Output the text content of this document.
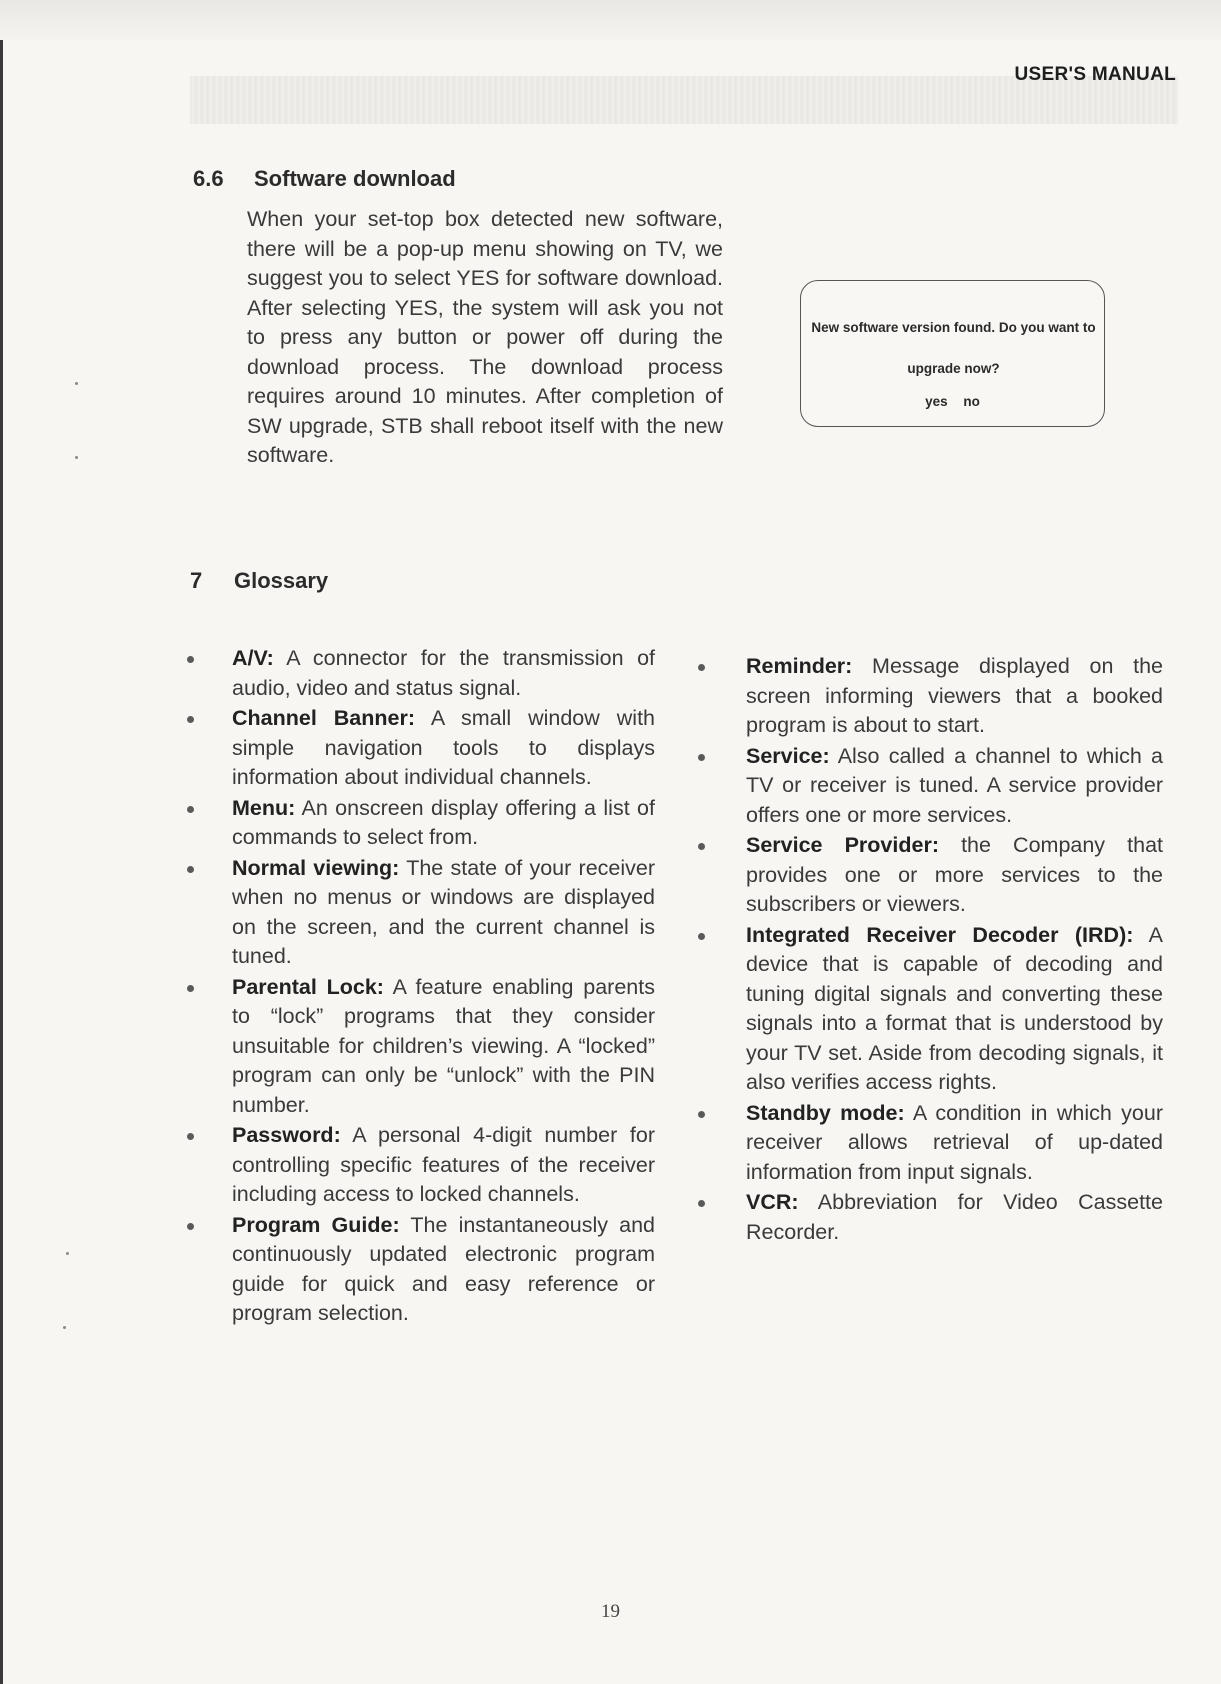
USER'S MANUAL
6.6 Software download

When your set-top box detected new software, there will be a pop-up menu showing on TV, we suggest you to select YES for software download. After selecting YES, the system will ask you not to press any button or power off during the download process. The download process requires around 10 minutes. After completion of SW upgrade, STB shall reboot itself with the new software.

New software version found. Do you want to upgrade now?
yes no
7 Glossary
A/V: A connector for the transmission of audio, video and status signal.
Channel Banner: A small window with simple navigation tools to displays information about individual channels.
Menu: An onscreen display offering a list of commands to select from.
Normal viewing: The state of your receiver when no menus or windows are displayed on the screen, and the current channel is tuned.
Parental Lock: A feature enabling parents to “lock” programs that they consider unsuitable for children’s viewing. A “locked” program can only be “unlock” with the PIN number.
Password: A personal 4-digit number for controlling specific features of the receiver including access to locked channels.
Program Guide: The instantaneously and continuously updated electronic program guide for quick and easy reference or program selection.
Reminder: Message displayed on the screen informing viewers that a booked program is about to start.
Service: Also called a channel to which a TV or receiver is tuned. A service provider offers one or more services.
Service Provider: the Company that provides one or more services to the subscribers or viewers.
Integrated Receiver Decoder (IRD): A device that is capable of decoding and tuning digital signals and converting these signals into a format that is understood by your TV set. Aside from decoding signals, it also verifies access rights.
Standby mode: A condition in which your receiver allows retrieval of up-dated information from input signals.
VCR: Abbreviation for Video Cassette Recorder.
19
